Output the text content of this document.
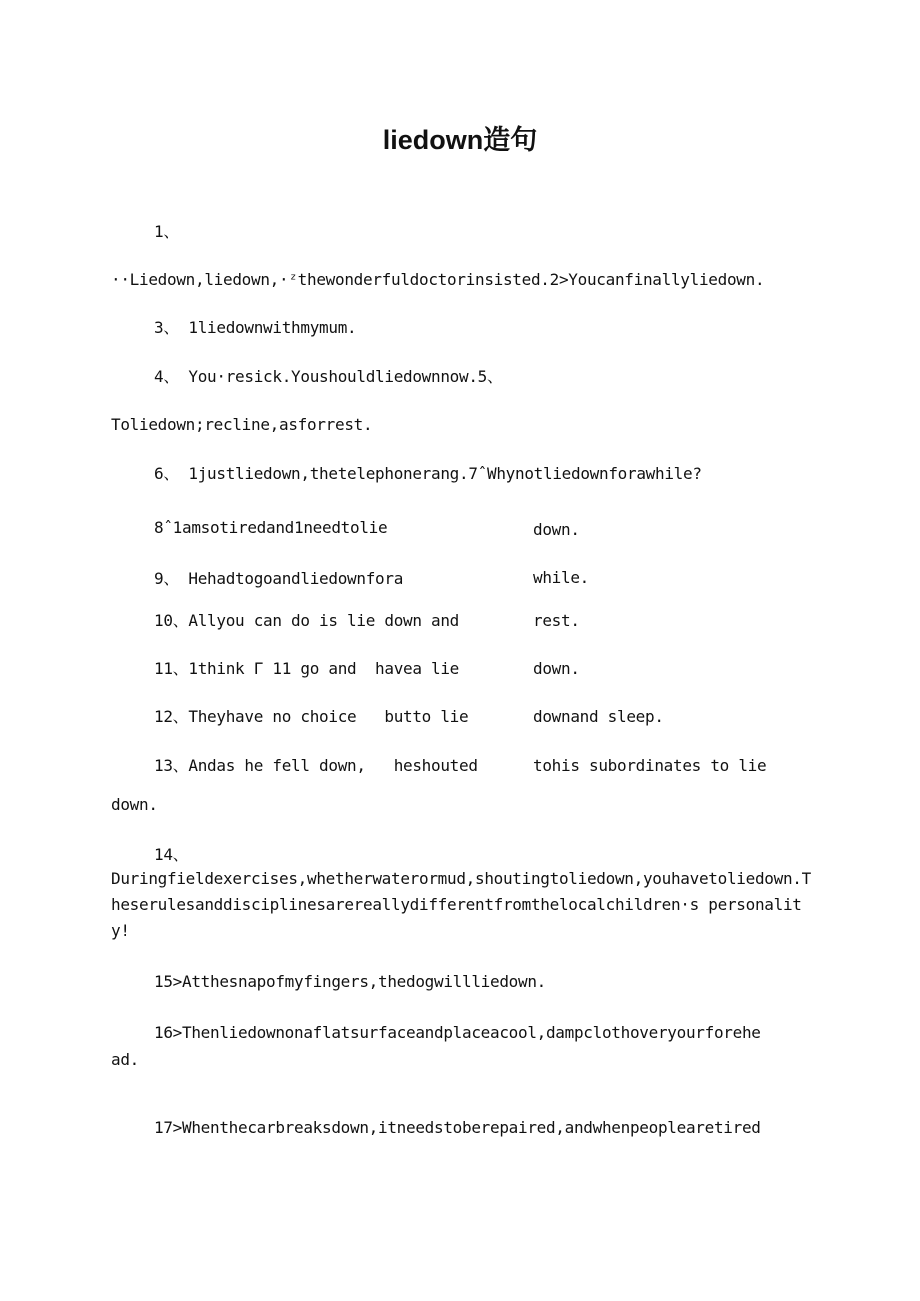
liedown造句
1、
··Liedown,liedown,·ᶻthewonderfuldoctorinsisted.2>Youcanfinallyliedown.
3、 1liedownwithmymum.
4、 You·resick.Youshouldliedownnow.5、
Toliedown;recline,asforrest.
6、 1justliedown,thetelephonerang.7ˆWhynotliedownforawhile?
8ˆ1amsotiredand1needtolie	down.
9、 Hehadtogoandliedownfora	while.
10、Allyou can do is lie down and	rest.
11、1think Γ 11 go and  havea lie	down.
12、Theyhave no choice   butto lie	downand sleep.
13、Andas he fell down,   heshouted	tohis subordinates to lie
down.
14、
Duringfieldexercises,whetherwaterormud,shoutingtoliedown,youhavetoliedown.Theserulesanddisciplinesarereallydifferentfromthelocalchildren·s personality!
15>Atthesnapofmyfingers,thedogwillliedown.
16>Thenliedownonaflatsurfaceandplaceacool,dampclothoveryourforehe
ad.
17>Whenthecarbreaksdown,itneedstoberepaired,andwhenpeoplearetired
